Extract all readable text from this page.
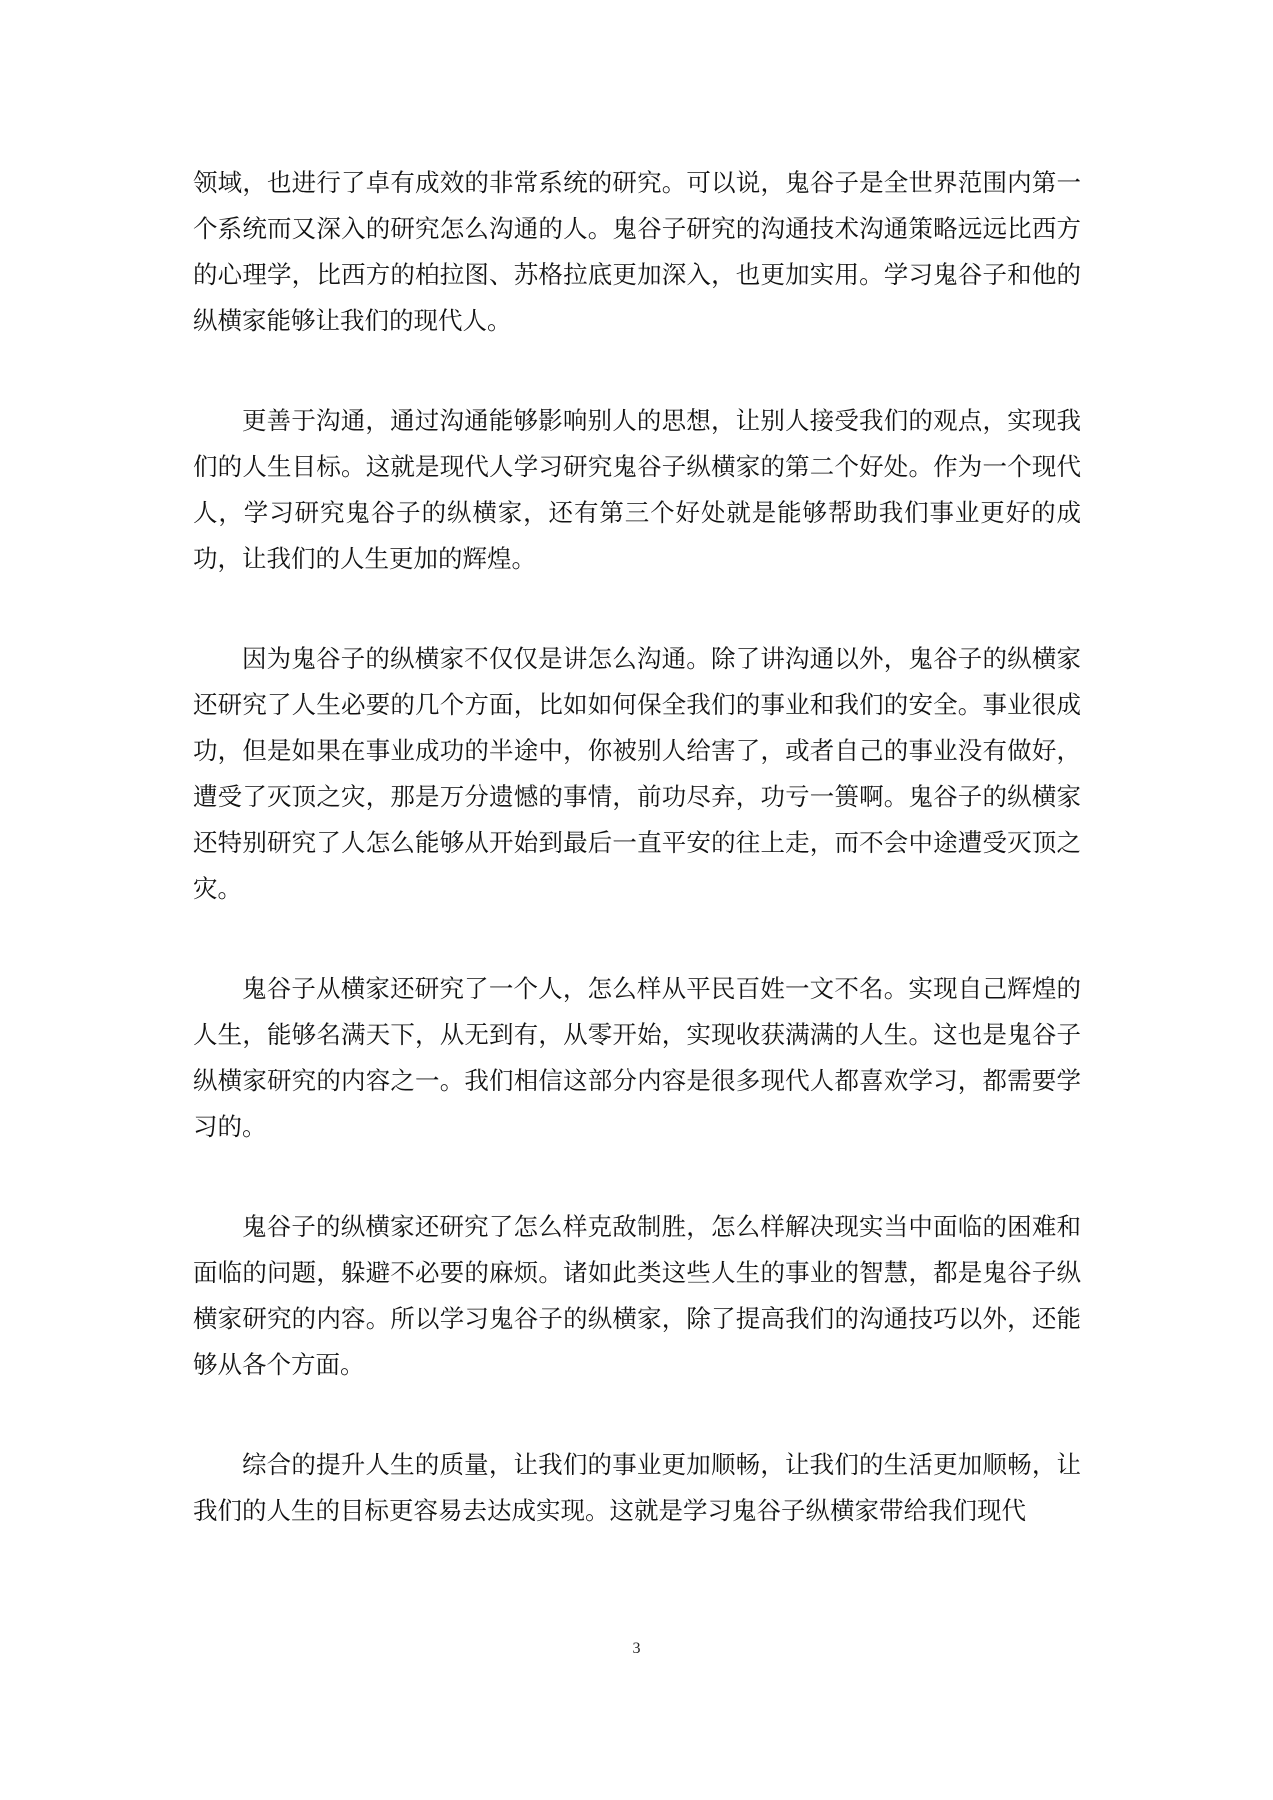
领域，也进行了卓有成效的非常系统的研究。可以说，鬼谷子是全世界范围内第一个系统而又深入的研究怎么沟通的人。鬼谷子研究的沟通技术沟通策略远远比西方的心理学，比西方的柏拉图、苏格拉底更加深入，也更加实用。学习鬼谷子和他的纵横家能够让我们的现代人。

更善于沟通，通过沟通能够影响别人的思想，让别人接受我们的观点，实现我们的人生目标。这就是现代人学习研究鬼谷子纵横家的第二个好处。作为一个现代人，学习研究鬼谷子的纵横家，还有第三个好处就是能够帮助我们事业更好的成功，让我们的人生更加的辉煌。

因为鬼谷子的纵横家不仅仅是讲怎么沟通。除了讲沟通以外，鬼谷子的纵横家还研究了人生必要的几个方面，比如如何保全我们的事业和我们的安全。事业很成功，但是如果在事业成功的半途中，你被别人给害了，或者自己的事业没有做好，遭受了灭顶之灾，那是万分遗憾的事情，前功尽弃，功亏一篑啊。鬼谷子的纵横家还特别研究了人怎么能够从开始到最后一直平安的往上走，而不会中途遭受灭顶之灾。

鬼谷子从横家还研究了一个人，怎么样从平民百姓一文不名。实现自己辉煌的人生，能够名满天下，从无到有，从零开始，实现收获满满的人生。这也是鬼谷子纵横家研究的内容之一。我们相信这部分内容是很多现代人都喜欢学习，都需要学习的。

鬼谷子的纵横家还研究了怎么样克敌制胜，怎么样解决现实当中面临的困难和面临的问题，躲避不必要的麻烦。诸如此类这些人生的事业的智慧，都是鬼谷子纵横家研究的内容。所以学习鬼谷子的纵横家，除了提高我们的沟通技巧以外，还能够从各个方面。

综合的提升人生的质量，让我们的事业更加顺畅，让我们的生活更加顺畅，让我们的人生的目标更容易去达成实现。这就是学习鬼谷子纵横家带给我们现代

3
